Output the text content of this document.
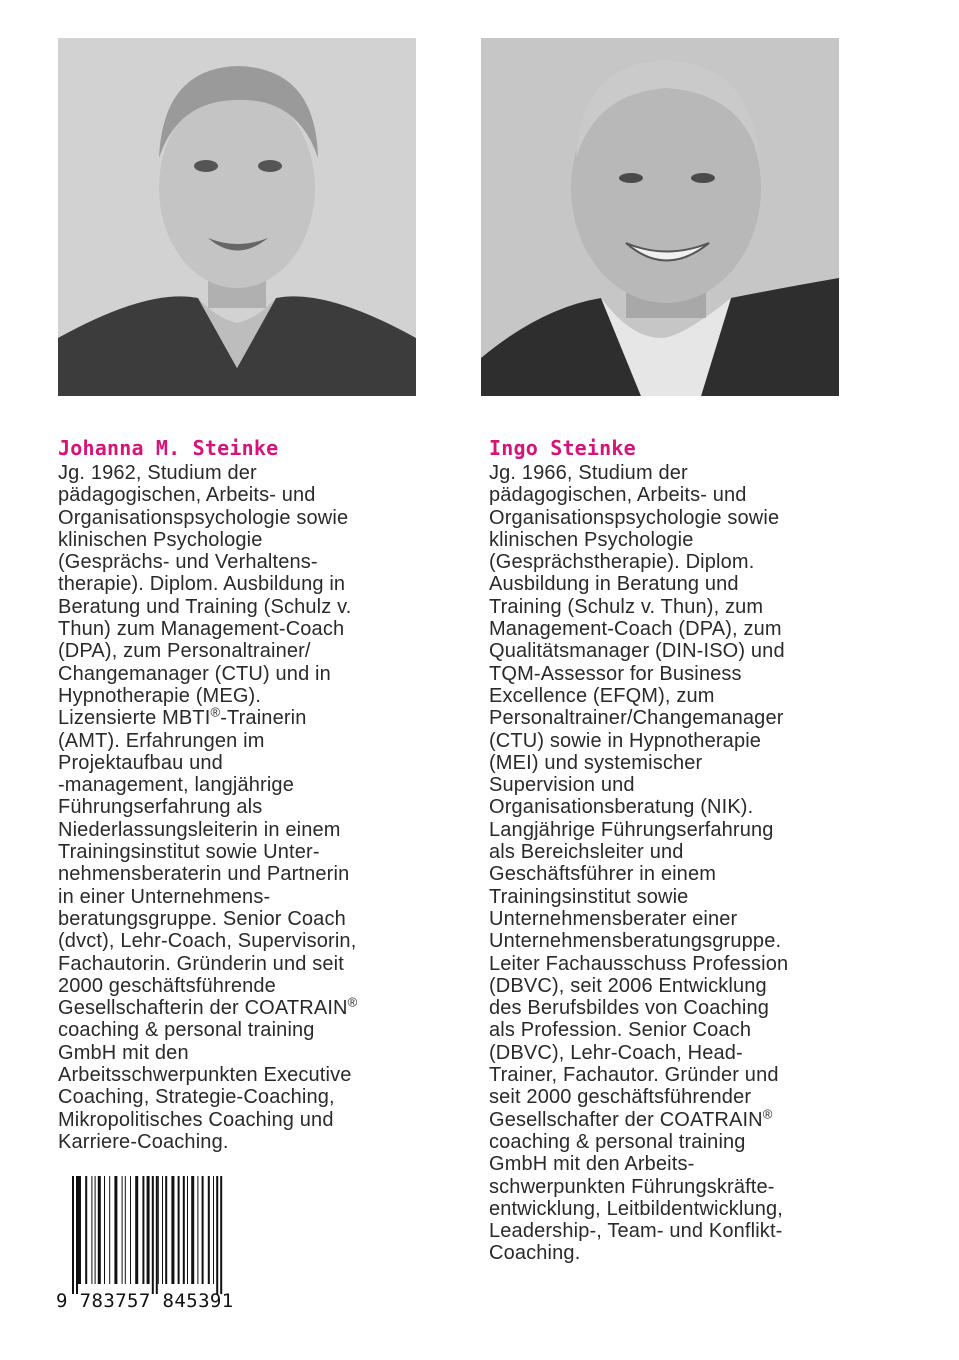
Johanna M. Steinke

Jg. 1962, Studium der

pädagogischen, Arbeits- und

Organisationspsychologie sowie

klinischen Psychologie

(Gesprächs- und Verhaltens-

therapie). Diplom. Ausbildung in

Beratung und Training (Schulz v.

Thun) zum Management-Coach

(DPA), zum Personaltrainer/

Changemanager (CTU) und in

Hypnotherapie (MEG).

Lizensierte MBTI®-Trainerin

(AMT). Erfahrungen im

Projektaufbau und

-management, langjährige

Führungserfahrung als

Niederlassungsleiterin in einem

Trainingsinstitut sowie Unter-

nehmensberaterin und Partnerin

in einer Unternehmens-

beratungsgruppe. Senior Coach

(dvct), Lehr-Coach, Supervisorin,

Fachautorin. Gründerin und seit

2000 geschäftsführende

Gesellschafterin der COATRAIN®

coaching & personal training

GmbH mit den

Arbeitsschwerpunkten Executive

Coaching, Strategie-Coaching,

Mikropolitisches Coaching und

Karriere-Coaching.

Ingo Steinke

Jg. 1966, Studium der

pädagogischen, Arbeits- und

Organisationspsychologie sowie

klinischen Psychologie

(Gesprächstherapie). Diplom.

Ausbildung in Beratung und

Training (Schulz v. Thun), zum

Management-Coach (DPA), zum

Qualitätsmanager (DIN-ISO) und

TQM-Assessor for Business

Excellence (EFQM), zum

Personaltrainer/Changemanager

(CTU) sowie in Hypnotherapie

(MEI) und systemischer

Supervision und

Organisationsberatung (NIK).

Langjährige Führungserfahrung

als Bereichsleiter und

Geschäftsführer in einem

Trainingsinstitut sowie

Unternehmensberater einer

Unternehmensberatungsgruppe.

Leiter Fachausschuss Profession

(DBVC), seit 2006 Entwicklung

des Berufsbildes von Coaching

als Profession. Senior Coach

(DBVC), Lehr-Coach, Head-

Trainer, Fachautor. Gründer und

seit 2000 geschäftsführender

Gesellschafter der COATRAIN®

coaching & personal training

GmbH mit den Arbeits-

schwerpunkten Führungskräfte-

entwicklung, Leitbildentwicklung,

Leadership-, Team- und Konflikt-

Coaching.

9 783757 845391
